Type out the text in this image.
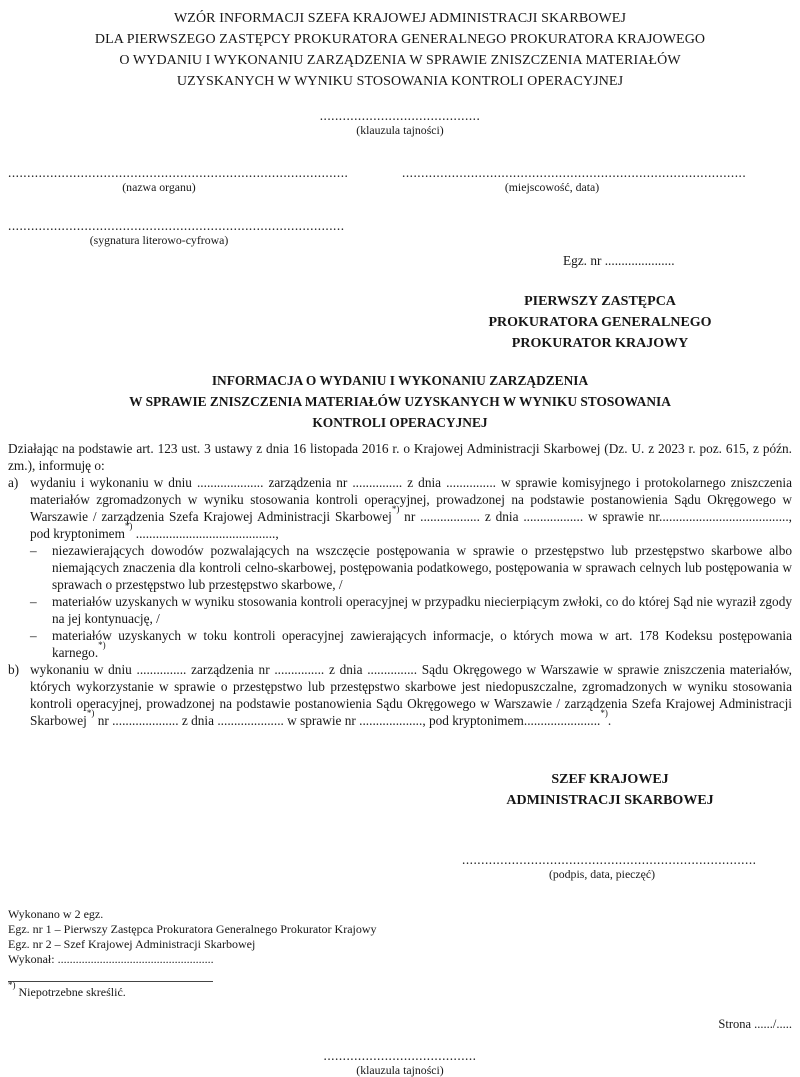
WZÓR INFORMACJI SZEFA KRAJOWEJ ADMINISTRACJI SKARBOWEJ
DLA PIERWSZEGO ZASTĘPCY PROKURATORA GENERALNEGO PROKURATORA KRAJOWEGO
O WYDANIU I WYKONANIU ZARZĄDZENIA W SPRAWIE ZNISZCZENIA MATERIAŁÓW
UZYSKANYCH W WYNIKU STOSOWANIA KONTROLI OPERACYJNEJ
..........................................
(klauzula tajności)
.........................................................................................
(nazwa organu)
..........................................................................................
(miejscowość, data)
........................................................................................
(sygnatura literowo-cyfrowa)
Egz. nr .....................
PIERWSZY ZASTĘPCA
PROKURATORA GENERALNEGO
PROKURATOR KRAJOWY
INFORMACJA O WYDANIU I WYKONANIU ZARZĄDZENIA
W SPRAWIE ZNISZCZENIA MATERIAŁÓW UZYSKANYCH W WYNIKU STOSOWANIA
KONTROLI OPERACYJNEJ
Działając na podstawie art. 123 ust. 3 ustawy z dnia 16 listopada 2016 r. o Krajowej Administracji Skarbowej (Dz. U. z 2023 r. poz. 615, z późn. zm.), informuję o:
a) wydaniu i wykonaniu w dniu .................... zarządzenia nr ............... z dnia ............... w sprawie komisyjnego i protokolarnego zniszczenia materiałów zgromadzonych w wyniku stosowania kontroli operacyjnej, prowadzonej na podstawie postanowienia Sądu Okręgowego w Warszawie / zarządzenia Szefa Krajowej Administracji Skarbowej*) nr .................. z dnia .................. w sprawie nr......................................., pod kryptonimem*) ..........................................,
–	niezawierających dowodów pozwalających na wszczęcie postępowania w sprawie o przestępstwo lub przestępstwo skarbowe albo niemających znaczenia dla kontroli celno-skarbowej, postępowania podatkowego, postępowania w sprawach celnych lub postępowania w sprawach o przestępstwo lub przestępstwo skarbowe, /
–	materiałów uzyskanych w wyniku stosowania kontroli operacyjnej w przypadku niecierpiącym zwłoki, co do której Sąd nie wyraził zgody na jej kontynuację, /
–	materiałów uzyskanych w toku kontroli operacyjnej zawierających informacje, o których mowa w art. 178 Kodeksu postępowania karnego.*)
b) wykonaniu w dniu ............... zarządzenia nr ............... z dnia ............... Sądu Okręgowego w Warszawie w sprawie zniszczenia materiałów, których wykorzystanie w sprawie o przestępstwo lub przestępstwo skarbowe jest niedopuszczalne, zgromadzonych w wyniku stosowania kontroli operacyjnej, prowadzonej na podstawie postanowienia Sądu Okręgowego w Warszawie / zarządzenia Szefa Krajowej Administracji Skarbowej*) nr .................... z dnia .................... w sprawie nr ..................., pod kryptonimem.......................*).
SZEF KRAJOWEJ
ADMINISTRACJI SKARBOWEJ
.............................................................................
(podpis, data, pieczęć)
Wykonano w 2 egz.
Egz. nr 1 – Pierwszy Zastępca Prokuratora Generalnego Prokurator Krajowy
Egz. nr 2 – Szef Krajowej Administracji Skarbowej
Wykonał: ....................................................
*) Niepotrzebne skreślić.
Strona ....../.....
........................................
(klauzula tajności)
